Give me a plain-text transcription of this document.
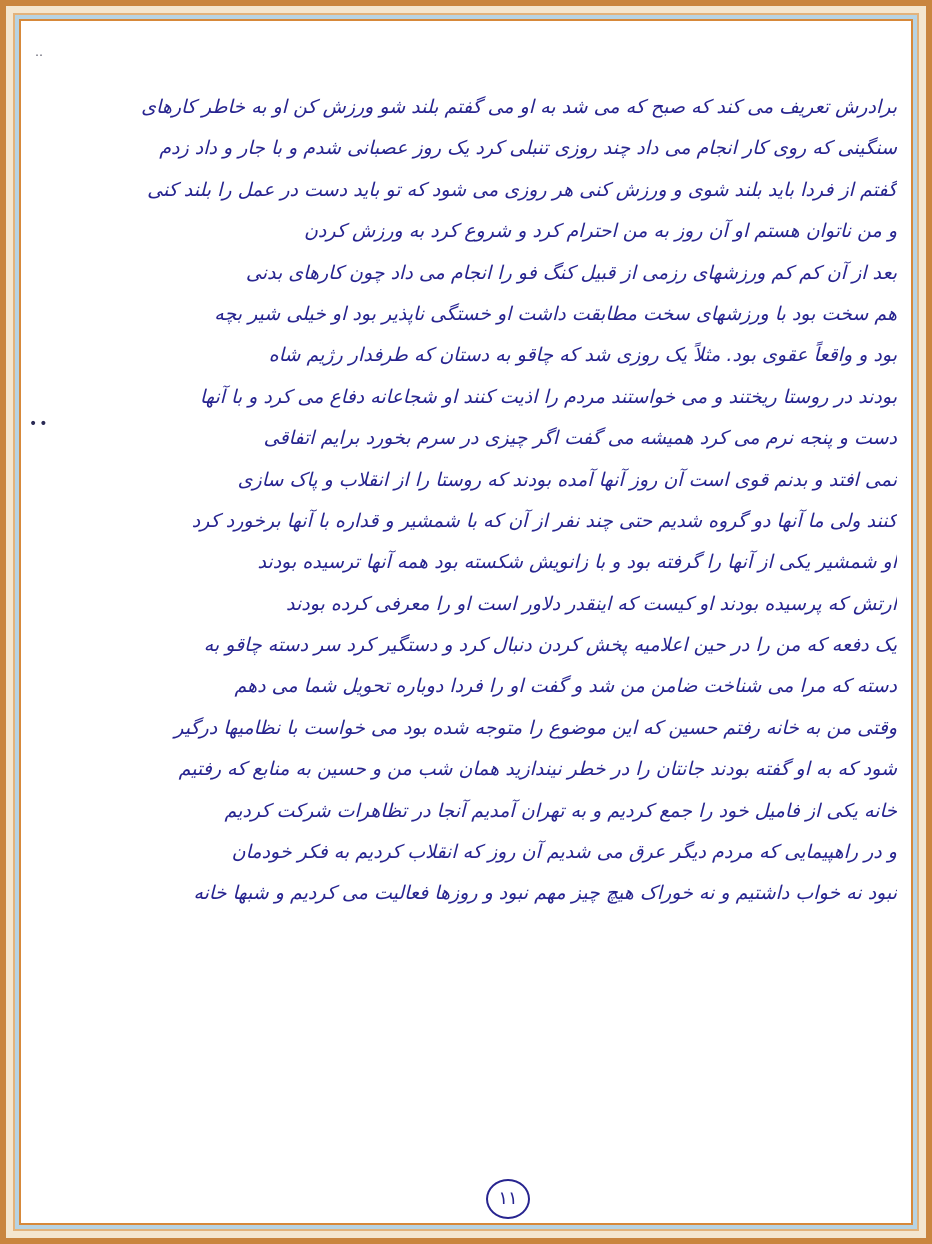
․․
••
برادرش تعریف می کند که صبح که می شد به او می گفتم بلند شو ورزش کن او به خاطر کارهای
سنگینی که روی کار انجام می داد چند روزی تنبلی کرد یک روز عصبانی شدم و با جار و داد زدم
گفتم از فردا باید بلند شوی و ورزش کنی هر روزی می شود که تو باید دست در عمل را بلند کنی
و من ناتوان هستم او آن روز به من احترام کرد و شروع کرد به ورزش کردن
بعد از آن کم کم ورزشهای رزمی از قبیل کنگ فو را انجام می داد چون کارهای بدنی
هم سخت بود با ورزشهای سخت مطابقت داشت او خستگی ناپذیر بود او خیلی شیر بچه
بود و واقعاً عقوی بود. مثلاً یک روزی شد که چاقو به دستان که طرفدار رژیم شاه
بودند در روستا ریختند و می خواستند مردم را اذیت کنند او شجاعانه دفاع می کرد و با آنها
دست و پنجه نرم می کرد همیشه می گفت اگر چیزی در سرم بخورد برایم اتفاقی
نمی افتد و بدنم قوی است آن روز آنها آمده بودند که روستا را از انقلاب و پاک سازی
کنند ولی ما آنها دو گروه شدیم حتی چند نفر از آن که با شمشیر و قداره با آنها برخورد کرد
او شمشیر یکی از آنها را گرفته بود و با زانویش شکسته بود همه آنها ترسیده بودند
ارتش که پرسیده بودند او کیست که اینقدر دلاور است او را معرفی کرده بودند
یک دفعه که من را در حین اعلامیه پخش کردن دنبال کرد و دستگیر کرد سر دسته چاقو به
دسته که مرا می شناخت ضامن من شد و گفت او را فردا دوباره تحویل شما می دهم
وقتی من به خانه رفتم حسین که این موضوع را متوجه شده بود می خواست با نظامیها درگیر
شود که به او گفته بودند جانتان را در خطر نیندازید همان شب من و حسین به منابع که رفتیم
خانه یکی از فامیل خود را جمع کردیم و به تهران آمدیم آنجا در تظاهرات شرکت کردیم
و در راهپیمایی که مردم دیگر عرق می شدیم آن روز که انقلاب کردیم به فکر خودمان
نبود نه خواب داشتیم و نه خوراک هیچ چیز مهم نبود و روزها فعالیت می کردیم و شبها خانه
۱۱
